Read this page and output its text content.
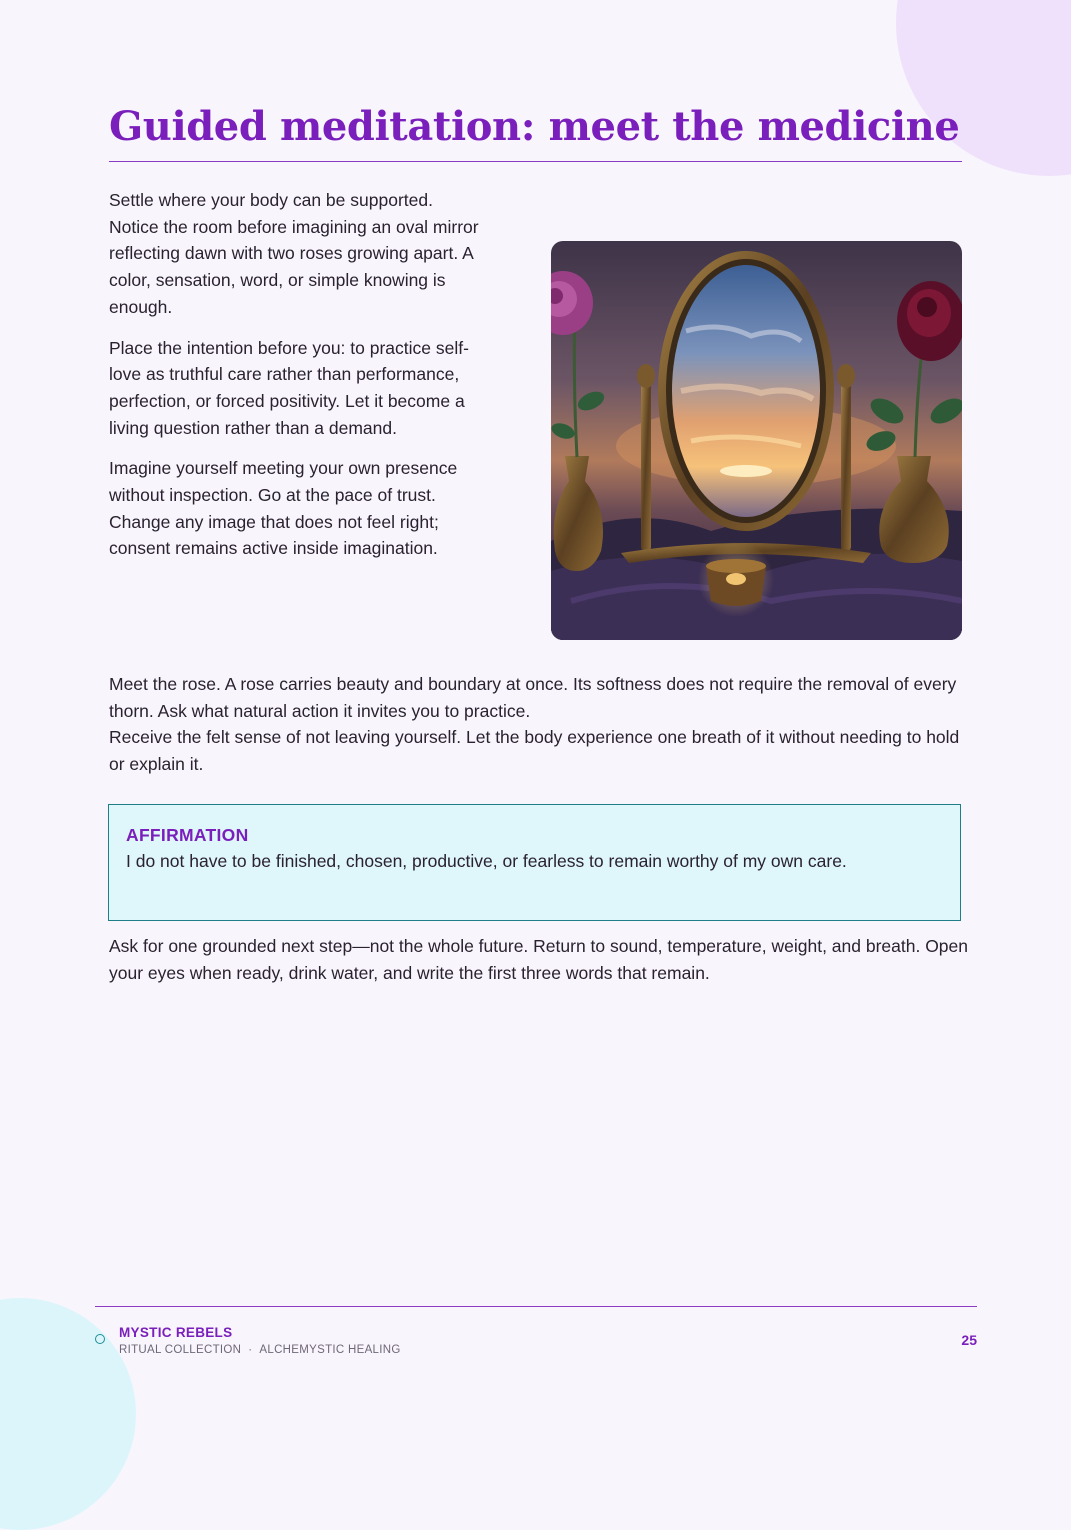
Guided meditation: meet the medicine

Settle where your body can be supported. Notice the room before imagining an oval mirror reflecting dawn with two roses growing apart. A color, sensation, word, or simple knowing is enough.

Place the intention before you: to practice self-love as truthful care rather than performance, perfection, or forced positivity. Let it become a living question rather than a demand.

Imagine yourself meeting your own presence without inspection. Go at the pace of trust. Change any image that does not feel right; consent remains active inside imagination.

Meet the rose. A rose carries beauty and boundary at once. Its softness does not require the removal of every thorn. Ask what natural action it invites you to practice.
Receive the felt sense of not leaving yourself. Let the body experience one breath of it without needing to hold or explain it.
AFFIRMATION

I do not have to be finished, chosen, productive, or fearless to remain worthy of my own care.

Ask for one grounded next step—not the whole future. Return to sound, temperature, weight, and breath. Open your eyes when ready, drink water, and write the first three words that remain.

MYSTIC REBELS
RITUAL COLLECTION · ALCHEMYSTIC HEALING
25
